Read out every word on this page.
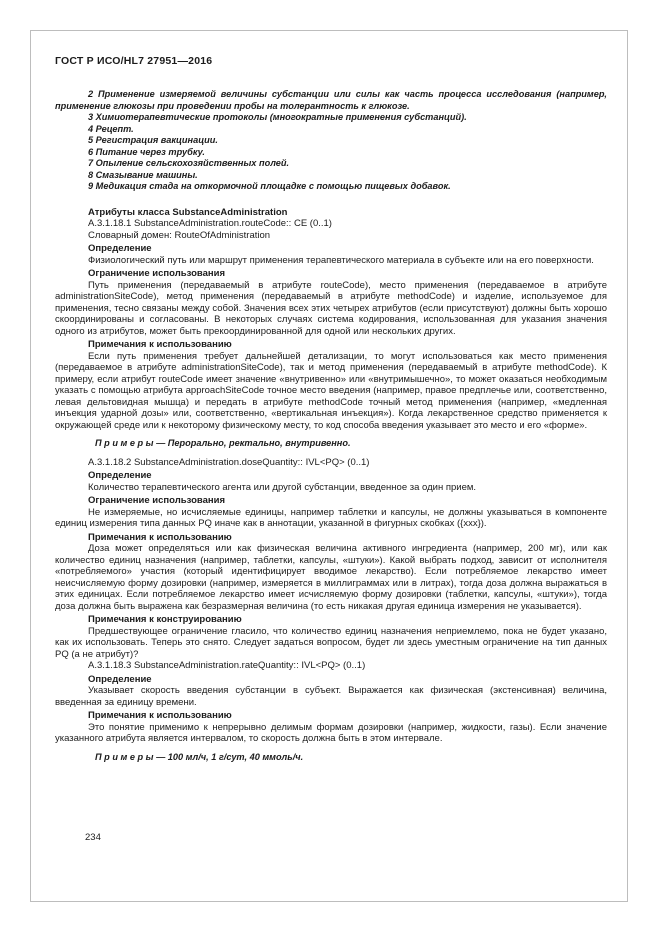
ГОСТ Р ИСО/HL7 27951—2016

2 Применение измеряемой величины субстанции или силы как часть процесса исследования (например, применение глюкозы при проведении пробы на толерантность к глюкозе.

3 Химиотерапевтические протоколы (многократные применения субстанций).

4 Рецепт.

5 Регистрация вакцинации.

6 Питание через трубку.

7 Опыление сельскохозяйственных полей.

8 Смазывание машины.

9 Медикация стада на откормочной площадке с помощью пищевых добавок.

Атрибуты класса SubstanceAdministration

А.3.1.18.1 SubstanceAdministration.routeCode:: CE (0..1)

Словарный домен: RouteOfAdministration

Определение

Физиологический путь или маршрут применения терапевтического материала в субъекте или на его поверхности.

Ограничение использования

Путь применения (передаваемый в атрибуте routeCode), место применения (передаваемое в атрибуте administrationSiteCode), метод применения (передаваемый в атрибуте methodCode) и изделие, используемое для применения, тесно связаны между собой. Значения всех этих четырех атрибутов (если присутствуют) должны быть хорошо скоординированы и согласованы. В некоторых случаях система кодирования, использованная для указания значения одного из атрибутов, может быть прекоординированной для одной или нескольких других.

Примечания к использованию

Если путь применения требует дальнейшей детализации, то могут использоваться как место применения (передаваемое в атрибуте administrationSiteCode), так и метод применения (передаваемый в атрибуте methodCode). К примеру, если атрибут routeCode имеет значение «внутривенно» или «внутримышечно», то может оказаться необходимым указать с помощью атрибута approachSiteCode точное место введения (например, правое предплечье или, соответственно, левая дельтовидная мышца) и передать в атрибуте methodCode точный метод применения (например, «медленная инъекция ударной дозы» или, соответственно, «вертикальная инъекция»). Когда лекарственное средство применяется к окружающей среде или к некоторому физическому месту, то код способа введения указывает это место и его «форме».

П р и м е р ы — Перорально, ректально, внутривенно.

А.3.1.18.2 SubstanceAdministration.doseQuantity:: IVL<PQ> (0..1)

Определение

Количество терапевтического агента или другой субстанции, введенное за один прием.

Ограничение использования

Не измеряемые, но исчисляемые единицы, например таблетки и капсулы, не должны указываться в компоненте единиц измерения типа данных PQ иначе как в аннотации, указанной в фигурных скобках ({ххх}).

Примечания к использованию

Доза может определяться или как физическая величина активного ингредиента (например, 200 мг), или как количество единиц назначения (например, таблетки, капсулы, «штуки»). Какой выбрать подход, зависит от исполнителя «потребляемого» участия (который идентифицирует вводимое лекарство). Если потребляемое лекарство имеет неисчисляемую форму дозировки (например, измеряется в миллиграммах или в литрах), тогда доза должна выражаться в этих единицах. Если потребляемое лекарство имеет исчисляемую форму дозировки (таблетки, капсулы, «штуки»), тогда доза должна быть выражена как безразмерная величина (то есть никакая другая единица измерения не указывается).

Примечания к конструированию

Предшествующее ограничение гласило, что количество единиц назначения неприемлемо, пока не будет указано, как их использовать. Теперь это снято. Следует задаться вопросом, будет ли здесь уместным ограничение на тип данных PQ (а не атрибут)?

А.3.1.18.3 SubstanceAdministration.rateQuantity:: IVL<PQ> (0..1)

Определение

Указывает скорость введения субстанции в субъект. Выражается как физическая (экстенсивная) величина, введенная за единицу времени.

Примечания к использованию

Это понятие применимо к непрерывно делимым формам дозировки (например, жидкости, газы). Если значение указанного атрибута является интервалом, то скорость должна быть в этом интервале.

П р и м е р ы — 100 мл/ч, 1 г/сут, 40 ммоль/ч.

234
